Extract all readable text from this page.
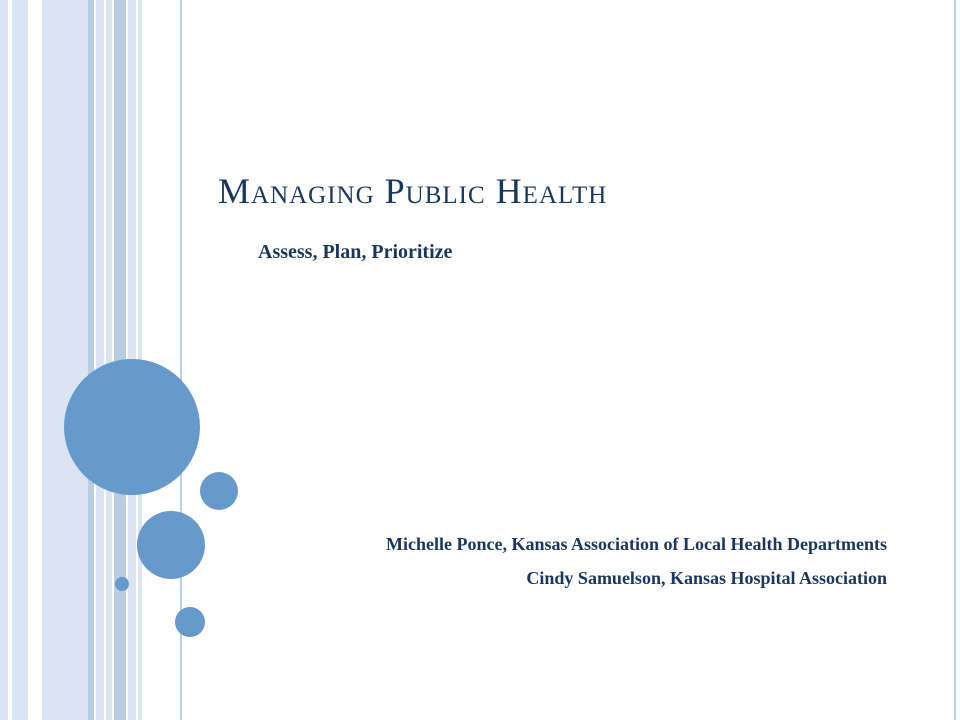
Managing Public Health
Assess, Plan, Prioritize

Michelle Ponce, Kansas Association of Local Health Departments

Cindy Samuelson, Kansas Hospital Association
